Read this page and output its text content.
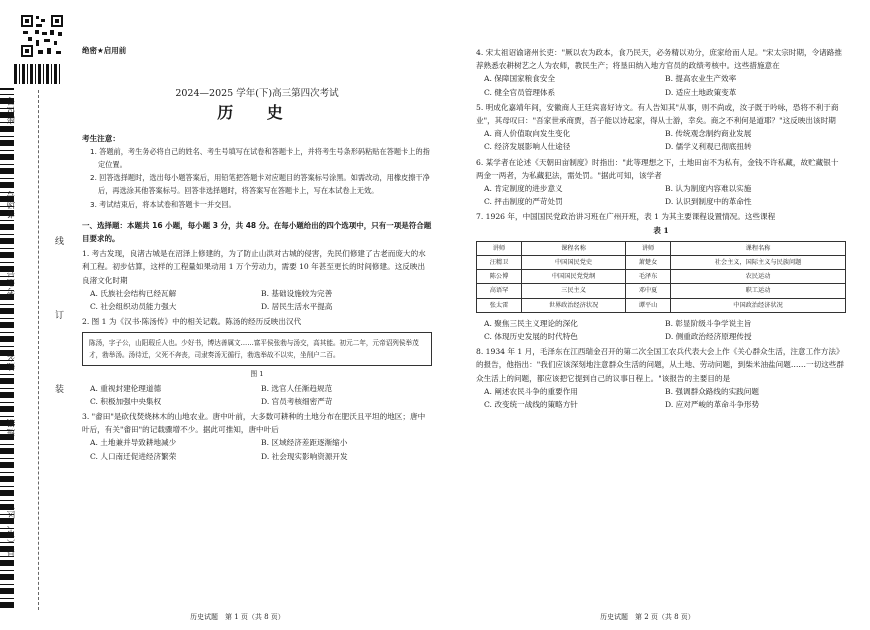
座位号
考场号
考生号
姓名
班级
县（市、区）
线
订
装
绝密★启用前
2024—2025 学年(下)高三第四次考试
历 史
考生注意：
1. 答题前，考生务必将自己的姓名、考生号填写在试卷和答题卡上，并将考生号条形码粘贴在答题卡上的指定位置。
2. 回答选择题时，选出每小题答案后，用铅笔把答题卡对应题目的答案标号涂黑。如需改动，用橡皮擦干净后，再选涂其他答案标号。回答非选择题时，将答案写在答题卡上，写在本试卷上无效。
3. 考试结束后，将本试卷和答题卡一并交回。
一、选择题：本题共 16 小题，每小题 3 分，共 48 分。在每小题给出的四个选项中，只有一项是符合题目要求的。
1. 考古发现，良渚古城是在沼泽上修建的，为了防止山洪对古城的侵害，先民们修建了古老而庞大的水利工程。初步估算，这样的工程量如果动用 1 万个劳动力，需要 10 年甚至更长的时间修建。这反映出良渚文化时期
A. 氏族社会结构已经瓦解	B. 基础设施较为完善
C. 社会组织动员能力强大	D. 居民生活水平提高
2. 图 1 为《汉书·陈汤传》中的相关记载。陈汤的经历反映出汉代
陈汤，字子公，山阳瑕丘人也。少好书，博达善属文……富平侯张勃与汤交，高其能。初元二年，元帝诏列侯举茂才，勃举汤。汤待迁，父死不奔丧，司隶奏汤无循行，勃选举故不以实，坐削户二百。
图 1
A. 重视封建伦理道德	B. 选官人任渐趋规范
C. 积极加强中央集权	D. 官员考核细密严苛
3. "畬田"是砍伐焚烧林木的山地农业。唐中叶前，大多数可耕种的土地分布在肥沃且平坦的地区；唐中叶后，有关"畬田"的记载骤增不少。据此可推知，唐中叶后
A. 土地兼并导致耕地减少	B. 区域经济差距逐渐缩小
C. 人口南迁促进经济繁荣	D. 社会现实影响资源开发
历史试题　第 1 页（共 8 页）
4. 宋太祖诏谕诸州长吏："厥以农为政本，食乃民天，必务精以劝分，庶家给而人足。"宋太宗时期，令诸路推荐熟悉农耕树艺之人为农师，教民生产；将垦田纳入地方官员的政绩考核中。这些措施意在
A. 保障国家粮食安全	B. 提高农业生产效率
C. 健全官员管理体系	D. 适应土地政策变革
5. 明成化嘉靖年间，安徽商人王廷宾喜好诗文。有人告知其"从事，则不尚或，汝子既于吟咏，恐将不利于商业"，其母叹曰："吾家世承商贾，吾子能以诗起家，得从士游，幸矣。商之不利何是道耶？"这反映出该时期
A. 商人价值取向发生变化	B. 传统观念制约商业发展
C. 经济发展影响人仕途径	D. 儒学义利观已彻底扭转
6. 某学者在论述《天朝田亩制度》时指出："此等理想之下，土地田亩不为私有，金钱不许私藏，故贮藏银十两金一两者，为私藏犯法，需处罚。"据此可知，该学者
A. 肯定制度的进步意义	B. 认为制度内容难以实施
C. 抨击制度的严苛处罚	D. 认识到制度中的革命性
7. 1926 年，中国国民党政治讲习班在广州开班，表 1 为其主要课程设置情况。这些课程
表 1
讲师	课程名称	讲师	课程名称
汪精卫	中国国民党史	萧楚女	社会主义，国际主义与民族问题
陈公博	中国国民党党纲	毛泽东	农民运动
高语罕	三民主义	邓中夏	职工运动
张太雷	世界政治经济状况	谭平山	中国政治经济状况
A. 聚焦三民主义理论的深化	B. 彰显阶级斗争学说主旨
C. 体现历史发展的时代特色	D. 侧重政治经济原理传授
8. 1934 年 1 月，毛泽东在江西瑞金召开的第二次全国工农兵代表大会上作《关心群众生活，注意工作方法》的报告，他指出："我们应该深刻地注意群众生活的问题，从土地、劳动问题，到柴米油盐问题……一切这些群众生活上的问题，都应该把它提到自己的议事日程上。"该报告的主要目的是
A. 阐述农民斗争的重要作用	B. 强调群众路线的实践问题
C. 改变统一战线的策略方针	D. 应对严峻的革命斗争形势
历史试题　第 2 页（共 8 页）
